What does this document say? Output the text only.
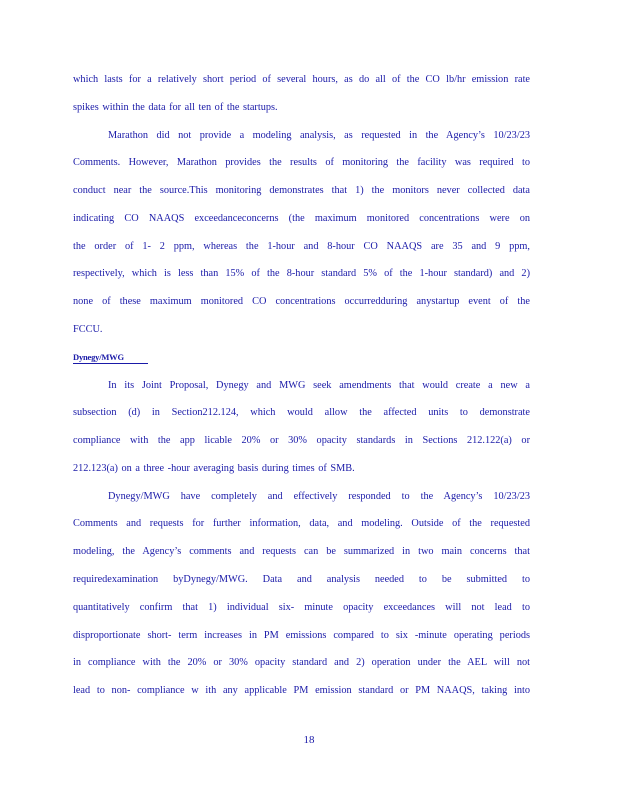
which lasts for a relatively short period of several hours, as do all of the CO lb/hr emission rate
spikes within the data for all ten of the startups.
Marathon did not provide a modeling analysis, as requested in the Agency’s 10/23/23
Comments. However, Marathon provides the results of monitoring the facility was required to
conduct near the source.This monitoring demonstrates that 1) the monitors never collected data
indicating CO NAAQS exceedanceconcerns (the maximum monitored concentrations were on
the order of 1- 2 ppm, whereas the 1-hour and 8-hour CO NAAQS are 35 and 9 ppm,
respectively, which is less than 15% of the 8-hour standard 5% of the 1-hour standard) and 2)
none of these maximum monitored CO concentrations occurredduring anystartup event of the
FCCU.
Dynegy/MWG
In its Joint Proposal, Dynegy and MWG seek amendments that would create a new a
subsection (d) in Section212.124, which would allow the affected units to demonstrate
compliance with the app licable 20% or 30% opacity standards in Sections 212.122(a) or
212.123(a) on a three -hour averaging basis during times of SMB.
Dynegy/MWG have completely and effectively responded to the Agency’s 10/23/23
Comments and requests for further information, data, and modeling. Outside of the requested
modeling, the Agency’s comments and requests can be summarized in two main concerns that
requiredexamination byDynegy/MWG. Data and analysis needed to be submitted to
quantitatively confirm that 1) individual six- minute opacity exceedances will not lead to
disproportionate short- term increases in PM emissions compared to six -minute operating periods
in compliance with the 20% or 30% opacity standard and 2) operation under the AEL will not
lead to non- compliance w ith any applicable PM emission standard or PM NAAQS, taking into
18
